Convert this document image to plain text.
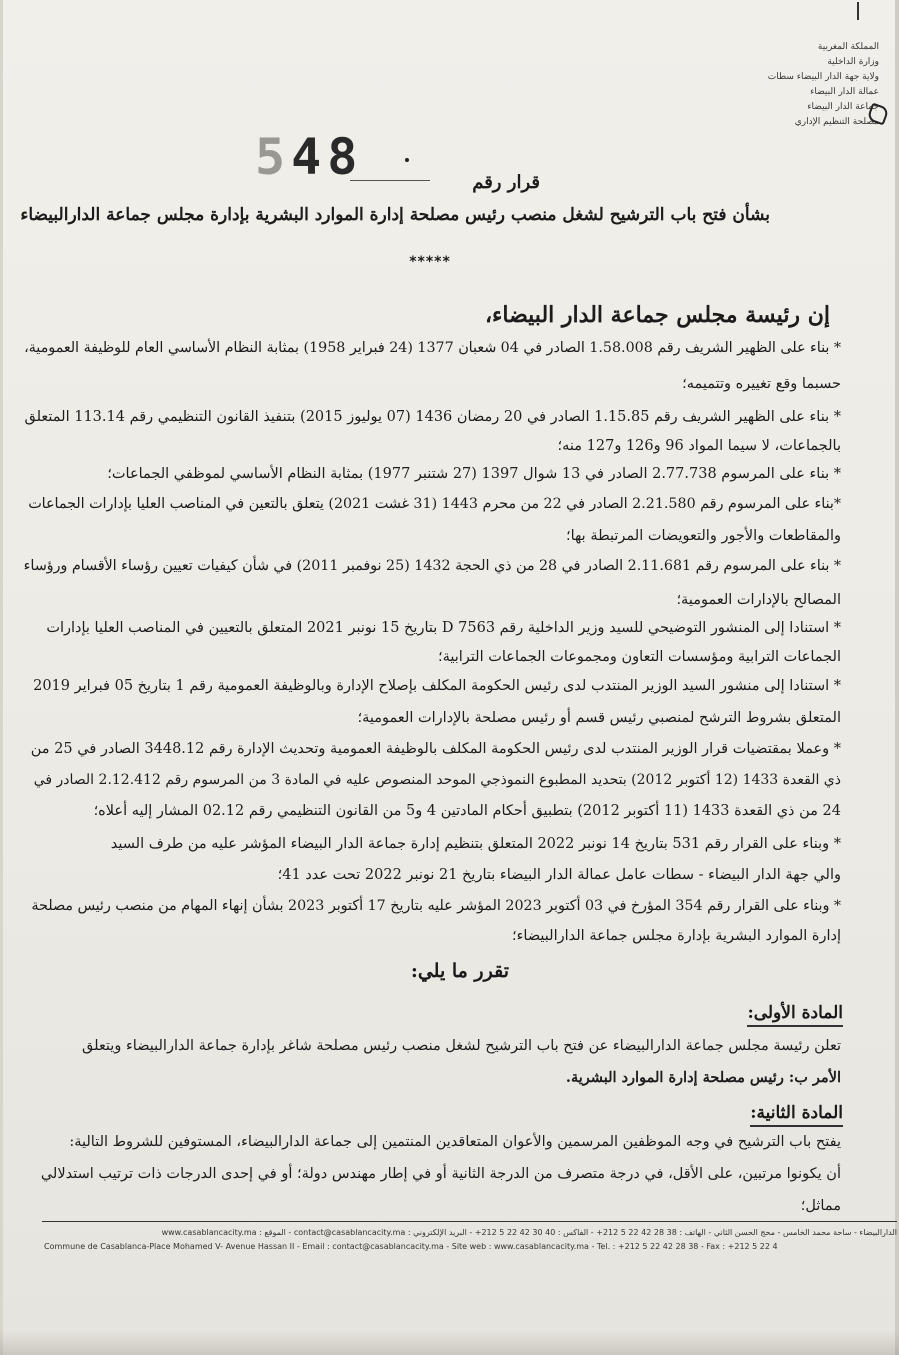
المملكة المغربية
وزارة الداخلية
ولاية جهة الدار البيضاء سطات
عمالة الدار البيضاء
جماعة الدار البيضاء
مصلحة التنظيم الإداري
548	قرار رقم
بشأن فتح باب الترشيح لشغل منصب رئيس مصلحة إدارة الموارد البشرية بإدارة مجلس جماعة الدارالبيضاء
*****
إن رئيسة مجلس جماعة الدار البيضاء،
* بناء على الظهير الشريف رقم 1.58.008 الصادر في 04 شعبان 1377 (24 فبراير 1958) بمثابة النظام الأساسي العام للوظيفة العمومية،
حسبما وقع تغييره وتتميمه؛
* بناء على الظهير الشريف رقم 1.15.85 الصادر في 20 رمضان 1436 (07 يوليوز 2015) بتنفيذ القانون التنظيمي رقم 113.14 المتعلق
بالجماعات، لا سيما المواد 96 و126 و127 منه؛
* بناء على المرسوم 2.77.738 الصادر في 13 شوال 1397 (27 شتنبر 1977) بمثابة النظام الأساسي لموظفي الجماعات؛
*بناء على المرسوم رقم 2.21.580 الصادر في 22 من محرم 1443 (31 غشت 2021) يتعلق بالتعين في المناصب العليا بإدارات الجماعات
والمقاطعات والأجور والتعويضات المرتبطة بها؛
* بناء على المرسوم رقم 2.11.681 الصادر في 28 من ذي الحجة 1432 (25 نوفمبر 2011) في شأن كيفيات تعيين رؤساء الأقسام ورؤساء
المصالح بالإدارات العمومية؛
* استنادا إلى المنشور التوضيحي للسيد وزير الداخلية رقم D 7563 بتاريخ 15 نونبر 2021 المتعلق بالتعيين في المناصب العليا بإدارات
الجماعات الترابية ومؤسسات التعاون ومجموعات الجماعات الترابية؛
* استنادا إلى منشور السيد الوزير المنتدب لدى رئيس الحكومة المكلف بإصلاح الإدارة وبالوظيفة العمومية رقم 1 بتاريخ 05 فبراير 2019
المتعلق بشروط الترشح لمنصبي رئيس قسم أو رئيس مصلحة بالإدارات العمومية؛
* وعملا بمقتضيات قرار الوزير المنتدب لدى رئيس الحكومة المكلف بالوظيفة العمومية وتحديث الإدارة رقم 3448.12 الصادر في 25 من
ذي القعدة 1433 (12 أكتوبر 2012) بتحديد المطبوع النموذجي الموحد المنصوص عليه في المادة 3 من المرسوم رقم 2.12.412 الصادر في
24 من ذي القعدة 1433 (11 أكتوبر 2012) بتطبيق أحكام المادتين 4 و5 من القانون التنظيمي رقم 02.12 المشار إليه أعلاه؛
* وبناء على القرار رقم 531 بتاريخ 14 نونبر 2022 المتعلق بتنظيم إدارة جماعة الدار البيضاء المؤشر عليه من طرف السيد
والي جهة الدار البيضاء - سطات عامل عمالة الدار البيضاء بتاريخ 21 نونبر 2022 تحت عدد 41؛
* وبناء على القرار رقم 354 المؤرخ في 03 أكتوبر 2023 المؤشر عليه بتاريخ 17 أكتوبر 2023 بشأن إنهاء المهام من منصب رئيس مصلحة
إدارة الموارد البشرية بإدارة مجلس جماعة الدارالبيضاء؛
تقرر ما يلي:
المادة الأولى:
تعلن رئيسة مجلس جماعة الدارالبيضاء عن فتح باب الترشيح لشغل منصب رئيس مصلحة شاغر بإدارة جماعة الدارالبيضاء ويتعلق
الأمر ب: رئيس مصلحة إدارة الموارد البشرية.
المادة الثانية:
يفتح باب الترشيح في وجه الموظفين المرسمين والأعوان المتعاقدين المنتمين إلى جماعة الدارالبيضاء، المستوفين للشروط التالية:
أن يكونوا مرتبين، على الأقل، في درجة متصرف من الدرجة الثانية أو في إطار مهندس دولة؛ أو في إحدى الدرجات ذات ترتيب استدلالي
مماثل؛
الدارالبيضاء - ساحة محمد الخامس - محج الحسن الثاني - الهاتف : 38 28 42 22 5 212+ - الفاكس : 40 30 42 22 5 212+ - البريد الإلكتروني : contact@casablancacity.ma - الموقع : www.casablancacity.ma
Commune de Casablanca-Place Mohamed V- Avenue Hassan II - Email : contact@casablancacity.ma - Site web : www.casablancacity.ma - Tel. : +212 5 22 42 28 38 - Fax : +212 5 22 4
